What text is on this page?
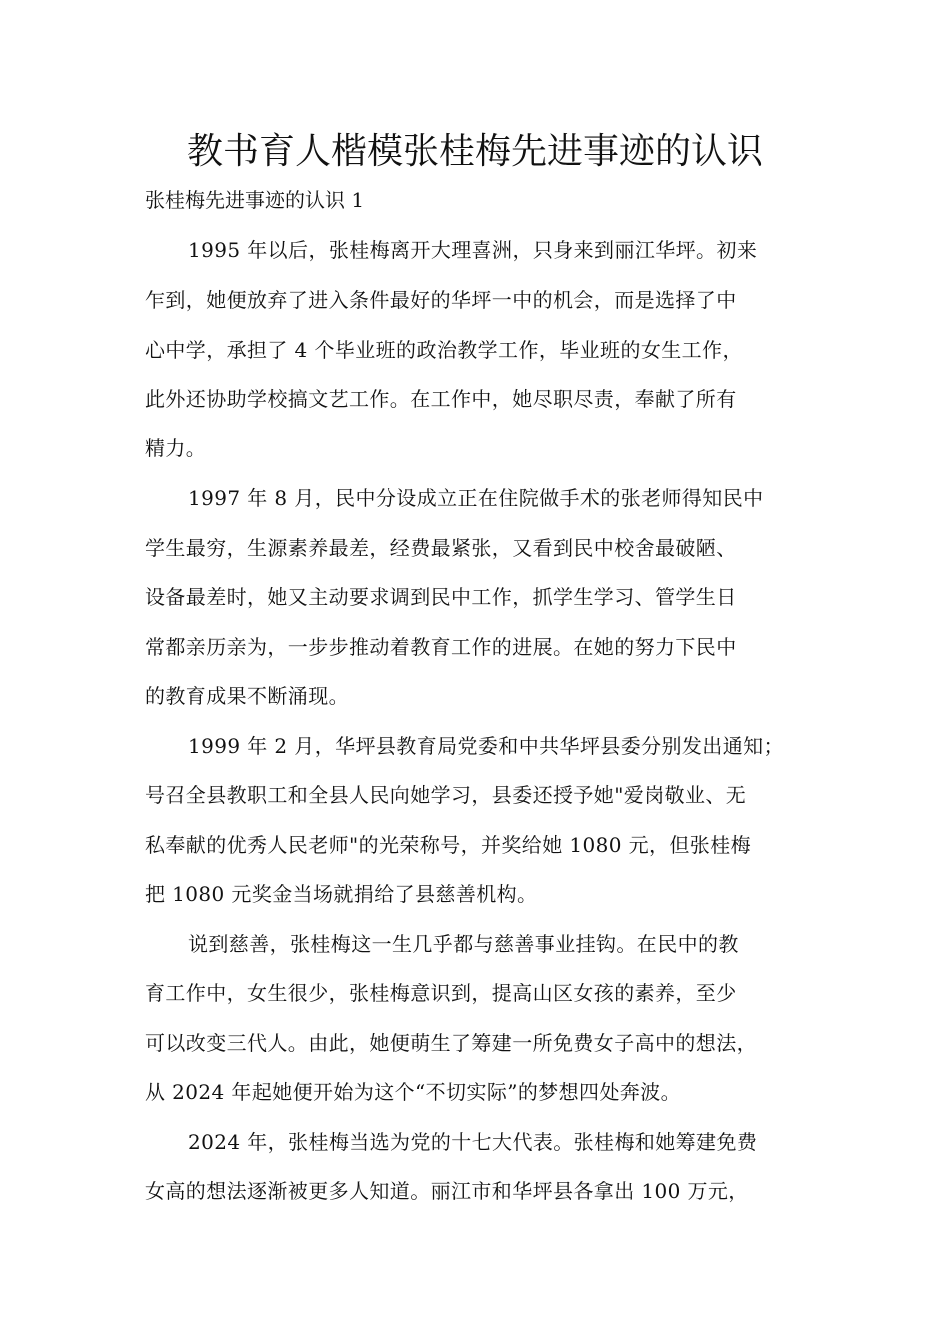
教书育人楷模张桂梅先进事迹的认识
张桂梅先进事迹的认识 1
1995 年以后，张桂梅离开大理喜洲，只身来到丽江华坪。初来
乍到，她便放弃了进入条件最好的华坪一中的机会，而是选择了中
心中学，承担了 4 个毕业班的政治教学工作，毕业班的女生工作，
此外还协助学校搞文艺工作。在工作中，她尽职尽责，奉献了所有
精力。
1997 年 8 月，民中分设成立正在住院做手术的张老师得知民中
学生最穷，生源素养最差，经费最紧张，又看到民中校舍最破陋、
设备最差时，她又主动要求调到民中工作，抓学生学习、管学生日
常都亲历亲为，一步步推动着教育工作的进展。在她的努力下民中
的教育成果不断涌现。
1999 年 2 月，华坪县教育局党委和中共华坪县委分别发出通知；
号召全县教职工和全县人民向她学习，县委还授予她"爱岗敬业、无
私奉献的优秀人民老师"的光荣称号，并奖给她 1080 元，但张桂梅
把 1080 元奖金当场就捐给了县慈善机构。
说到慈善，张桂梅这一生几乎都与慈善事业挂钩。在民中的教
育工作中，女生很少，张桂梅意识到，提高山区女孩的素养，至少
可以改变三代人。由此，她便萌生了筹建一所免费女子高中的想法，
从 2024 年起她便开始为这个“不切实际”的梦想四处奔波。
2024 年，张桂梅当选为党的十七大代表。张桂梅和她筹建免费
女高的想法逐渐被更多人知道。丽江市和华坪县各拿出 100 万元，
